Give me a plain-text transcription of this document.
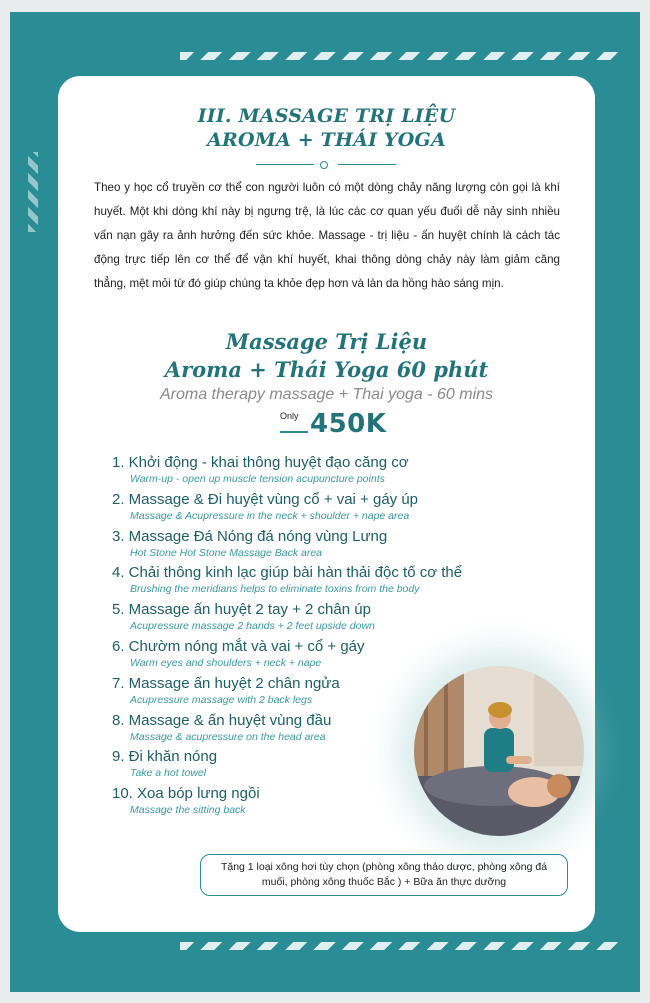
III. MASSAGE TRỊ LIỆU
AROMA + THÁI YOGA

Theo y học cổ truyền cơ thể con người luôn có một dòng chảy năng lượng còn gọi là khí huyết. Một khi dòng khí này bị ngưng trệ, là lúc các cơ quan yếu đuối dễ nảy sinh nhiều vấn nạn gây ra ảnh hưởng đến sức khỏe. Massage - trị liệu - ấn huyệt chính là cách tác động trực tiếp lên cơ thể để vận khí huyết, khai thông dòng chảy này làm giảm căng thẳng, mệt mỏi từ đó giúp chúng ta khỏe đẹp hơn và làn da hồng hào sáng mịn.

Massage Trị Liệu
Aroma + Thái Yoga 60 phút
Aroma therapy massage + Thai yoga - 60 mins
Only 450K
1. Khởi động - khai thông huyệt đạo căng cơ
Warm-up - open up muscle tension acupuncture points
2. Massage & Đi huyệt vùng cổ + vai + gáy úp
Massage & Acupressure in the neck + shoulder + nape area
3. Massage Đá Nóng đá nóng vùng Lưng
Hot Stone Hot Stone Massage Back area
4. Chải thông kinh lạc giúp bài hàn thải độc tố cơ thể
Brushing the meridians helps to eliminate toxins from the body
5. Massage ấn huyệt 2 tay + 2 chân úp
Acupressure massage 2 hands + 2 feet upside down
6. Chườm nóng mắt và vai + cổ + gáy
Warm eyes and shoulders + neck + nape
7. Massage ấn huyệt 2 chân ngửa
Acupressure massage with 2 back legs
8. Massage & ấn huyệt vùng đầu
Massage & acupressure on the head area
9. Đi khăn nóng
Take a hot towel
10. Xoa bóp lưng ngồi
Massage the sitting back
Tặng 1 loại xông hơi tùy chọn (phòng xông thảo dược, phòng xông đá muối, phòng xông thuốc Bắc ) + Bữa ăn thực dưỡng
LASENTA
